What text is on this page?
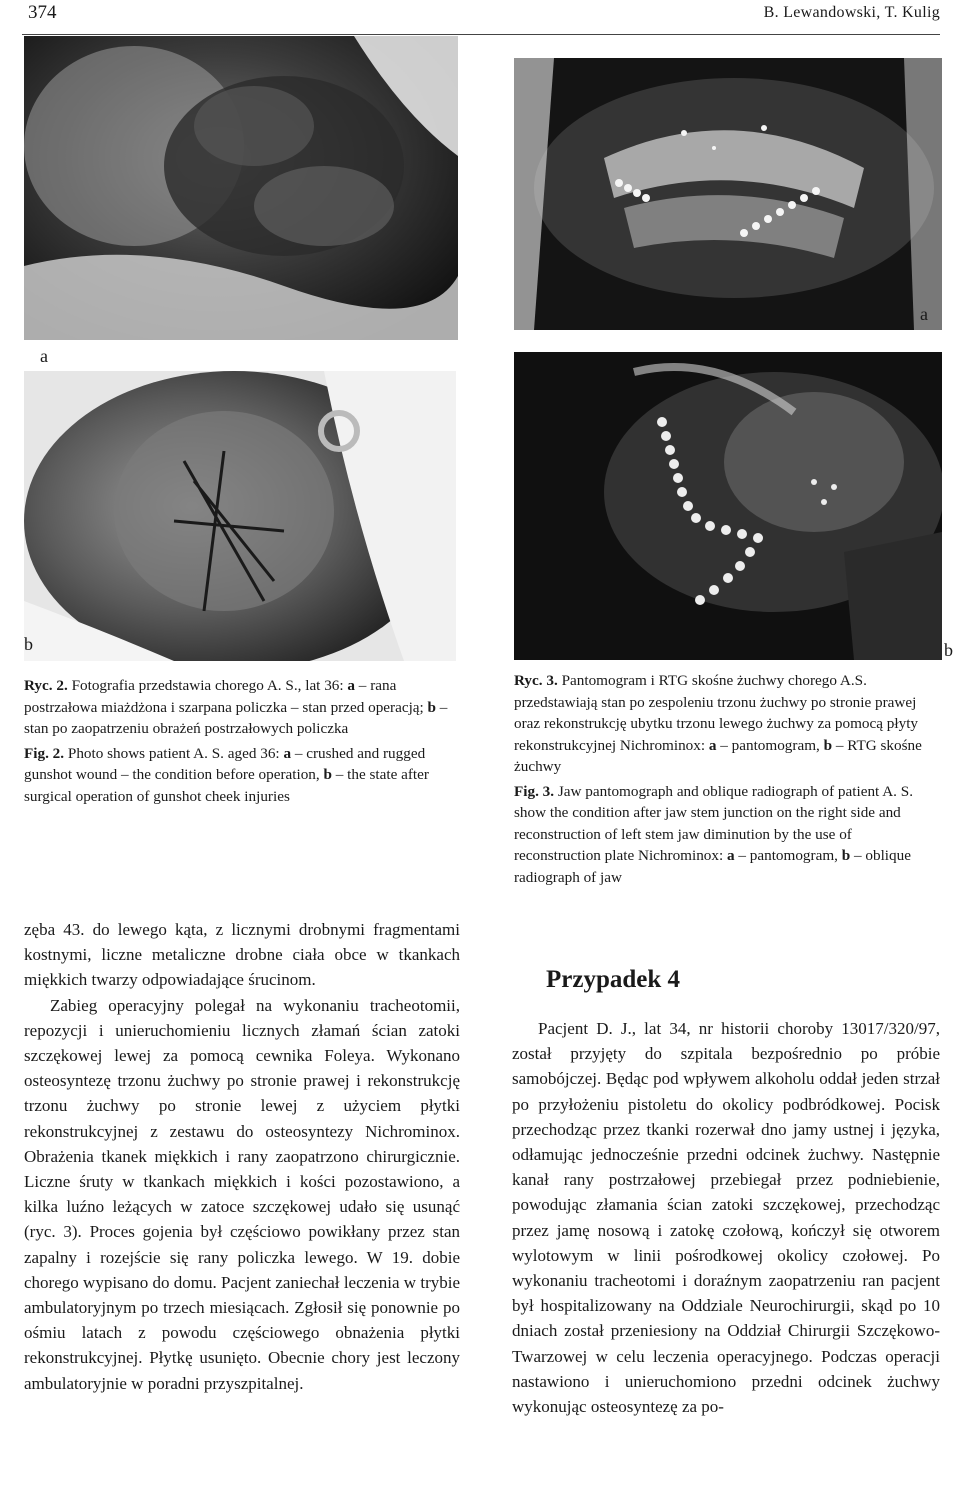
374	B. Lewandowski, T. Kulig
a
b
a
b
Ryc. 2. Fotografia przedstawia chorego A. S., lat 36: a – rana postrzałowa miażdżona i szarpana policzka – stan przed operacją; b – stan po zaopatrzeniu obrażeń postrzałowych policzka
Fig. 2. Photo shows patient A. S. aged 36: a – crushed and rugged gunshot wound – the condition before operation, b – the state after surgical operation of gunshot cheek injuries
Ryc. 3. Pantomogram i RTG skośne żuchwy chorego A.S. przedstawiają stan po zespoleniu trzonu żuchwy po stronie prawej oraz rekonstrukcję ubytku trzonu lewego żuchwy za pomocą płyty rekonstrukcyjnej Nichrominox: a – pantomogram, b – RTG skośne żuchwy
Fig. 3. Jaw pantomograph and oblique radiograph of patient A. S. show the condition after jaw stem junction on the right side and reconstruction of left stem jaw diminution by the use of reconstruction plate Nichrominox: a – pantomogram, b – oblique radiograph of jaw

zęba 43. do lewego kąta, z licznymi drobnymi fragmentami kostnymi, liczne metaliczne drobne ciała obce w tkankach miękkich twarzy odpowiadające śrucinom.

Zabieg operacyjny polegał na wykonaniu tracheotomii, repozycji i unieruchomieniu licznych złamań ścian zatoki szczękowej lewej za pomocą cewnika Foleya. Wykonano osteosyntezę trzonu żuchwy po stronie prawej i rekonstrukcję trzonu żuchwy po stronie lewej z użyciem płytki rekonstrukcyjnej z zestawu do osteosyntezy Nichrominox. Obrażenia tkanek miękkich i rany zaopatrzono chirurgicznie. Liczne śruty w tkankach miękkich i kości pozostawiono, a kilka luźno leżących w zatoce szczękowej udało się usunąć (ryc. 3). Proces gojenia był częściowo powikłany przez stan zapalny i rozejście się rany policzka lewego. W 19. dobie chorego wypisano do domu. Pacjent zaniechał leczenia w trybie ambulatoryjnym po trzech miesiącach. Zgłosił się ponownie po ośmiu latach z powodu częściowego obnażenia płytki rekonstrukcyjnej. Płytkę usunięto. Obecnie chory jest leczony ambulatoryjnie w poradni przyszpitalnej.

Przypadek 4

Pacjent D. J., lat 34, nr historii choroby 13017/320/97, został przyjęty do szpitala bezpośrednio po próbie samobójczej. Będąc pod wpływem alkoholu oddał jeden strzał po przyłożeniu pistoletu do okolicy podbródkowej. Pocisk przechodząc przez tkanki rozerwał dno jamy ustnej i języka, odłamując jednocześnie przedni odcinek żuchwy. Następnie kanał rany postrzałowej przebiegał przez podniebienie, powodując złamania ścian zatoki szczękowej, przechodząc przez jamę nosową i zatokę czołową, kończył się otworem wylotowym w linii pośrodkowej okolicy czołowej. Po wykonaniu tracheotomi i doraźnym zaopatrzeniu ran pacjent był hospitalizowany na Oddziale Neurochirurgii, skąd po 10 dniach został przeniesiony na Oddział Chirurgii Szczękowo-Twarzowej w celu leczenia operacyjnego. Podczas operacji nastawiono i unieruchomiono przedni odcinek żuchwy wykonując osteosyntezę za po-
